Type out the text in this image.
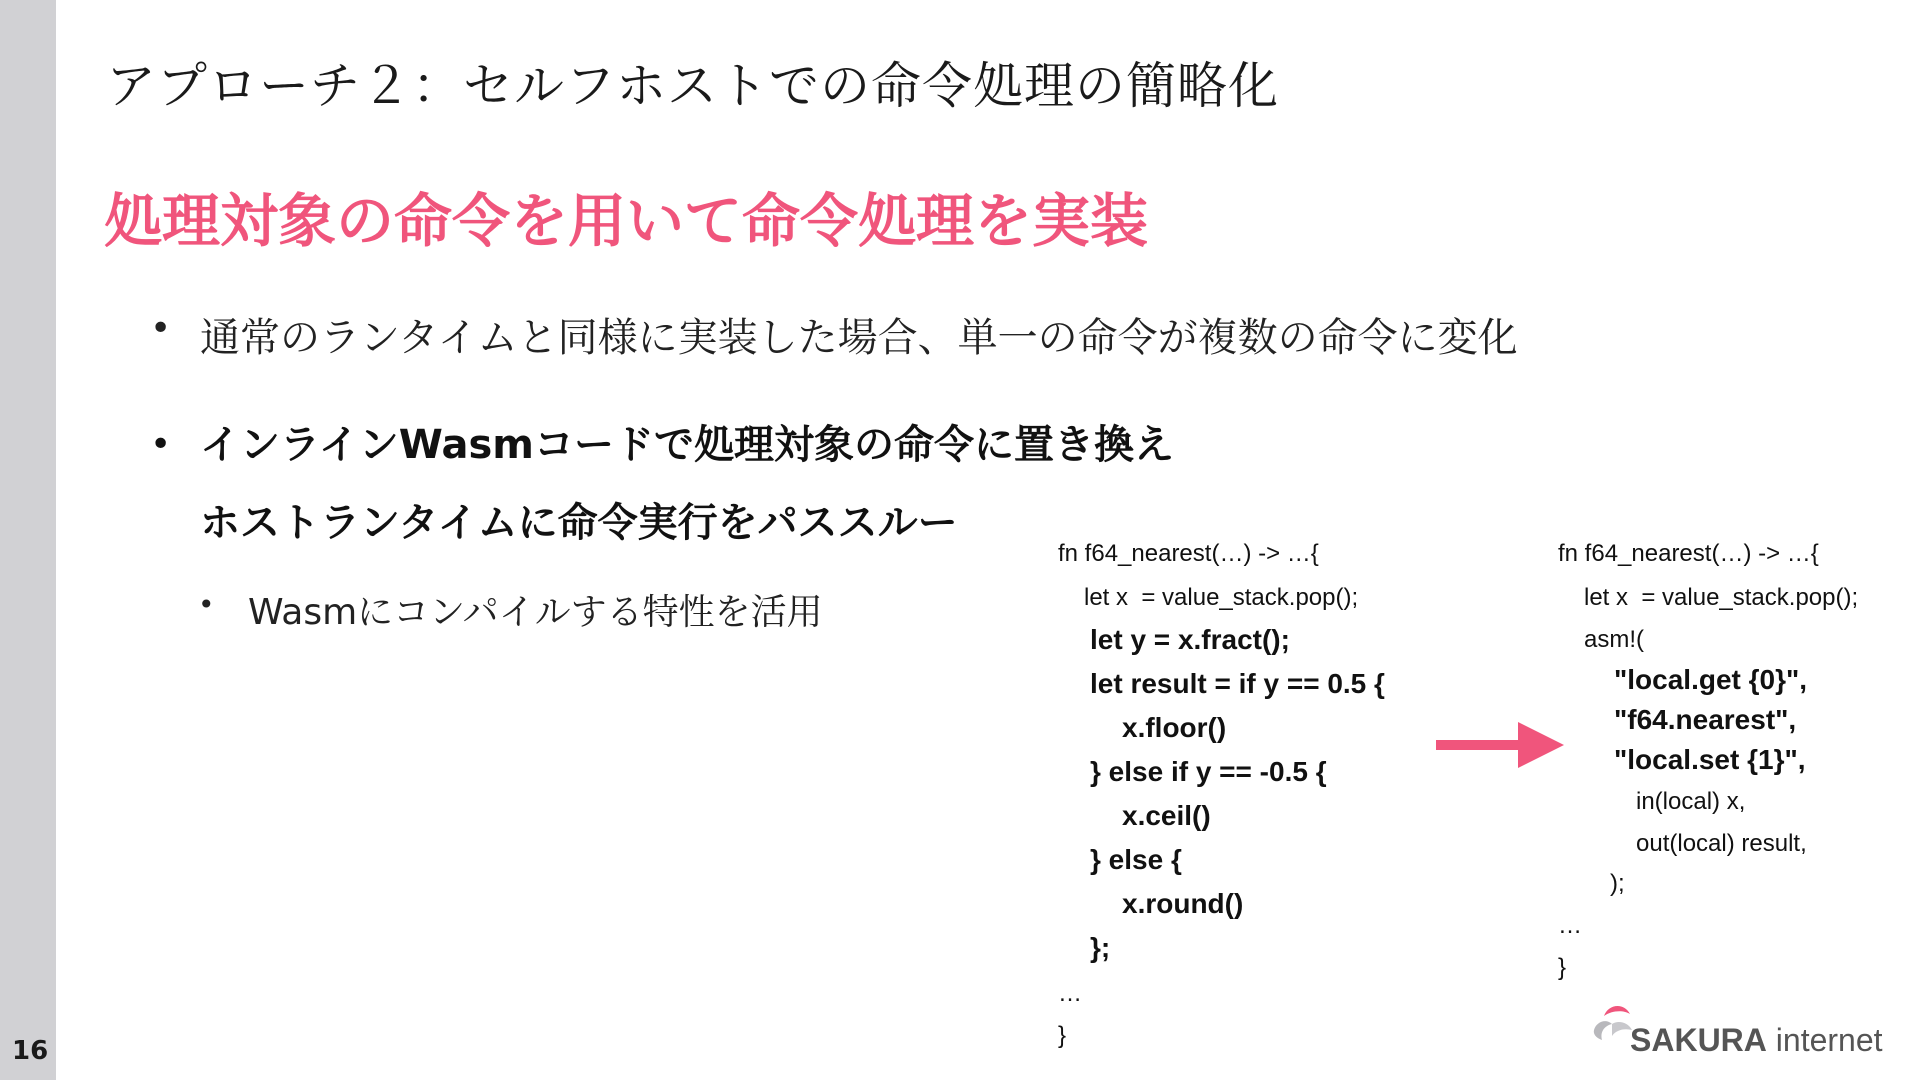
16
アプローチ２：セルフホストでの命令処理の簡略化
処理対象の命令を用いて命令処理を実装
• 通常のランタイムと同様に実装した場合、単一の命令が複数の命令に変化
• インラインWasmコードで処理対象の命令に置き換え
ホストランタイムに命令実行をパススルー
• Wasmにコンパイルする特性を活用

fn f64_nearest(…) -> …{

let x  = value_stack.pop();

let y = x.fract();

let result = if y == 0.5 {

x.floor()

} else if y == -0.5 {

x.ceil()

} else {

x.round()

};

…

}

fn f64_nearest(…) -> …{

let x  = value_stack.pop();

asm!(

"local.get {0}",

"f64.nearest",

"local.set {1}",

in(local) x,

out(local) result,

);

…

}

SAKURA internet
